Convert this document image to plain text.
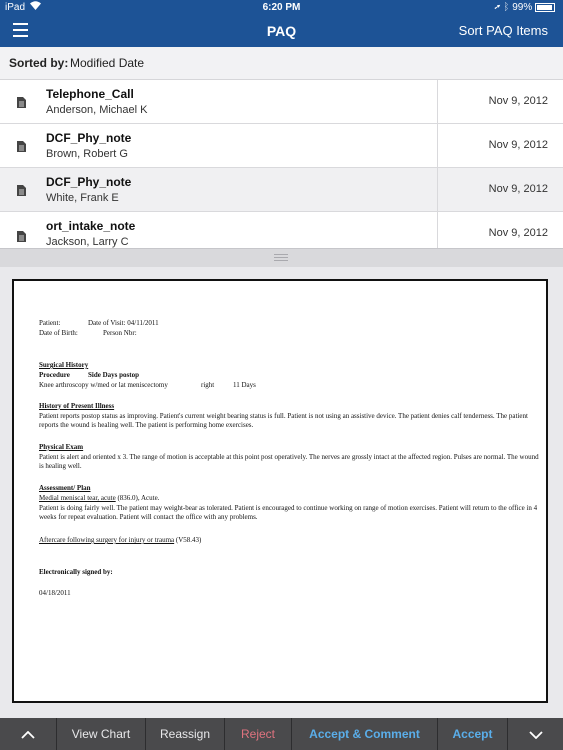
iPad	6:20 PM	➚ ᛒ 99%
PAQ	Sort PAQ Items
Sorted by: Modified Date
Telephone_Call
Anderson, Michael K
Nov 9, 2012
DCF_Phy_note
Brown, Robert G
Nov 9, 2012
DCF_Phy_note
White, Frank E
Nov 9, 2012
ort_intake_note
Jackson, Larry C
Nov 9, 2012
Patient:	Date of Visit: 04/11/2011
Date of Birth:	Person Nbr:
Surgical History
Procedure	Side Days postop
Knee arthroscopy w/med or lat meniscectomy	right	11 Days
History of Present Illness
Patient reports postop status as improving. Patient's current weight bearing status is full. Patient is not using an assistive device. The patient denies calf tenderness. The patient reports the wound is healing well. The patient is performing home exercises.
Physical Exam
Patient is alert and oriented x 3. The range of motion is acceptable at this point post operatively. The nerves are grossly intact at the affected region. Pulses are normal. The wound is healing well.
Assessment/ Plan
Medial meniscal tear, acute (836.0), Acute.
Patient is doing fairly well. The patient may weight-bear as tolerated. Patient is encouraged to continue working on range of motion exercises. Patient will return to the office in 4 weeks for repeat evaluation. Patient will contact the office with any problems.
Aftercare following surgery for injury or trauma (V58.43)
Electronically signed by:
04/18/2011
View Chart	Reassign	Reject	Accept & Comment	Accept
